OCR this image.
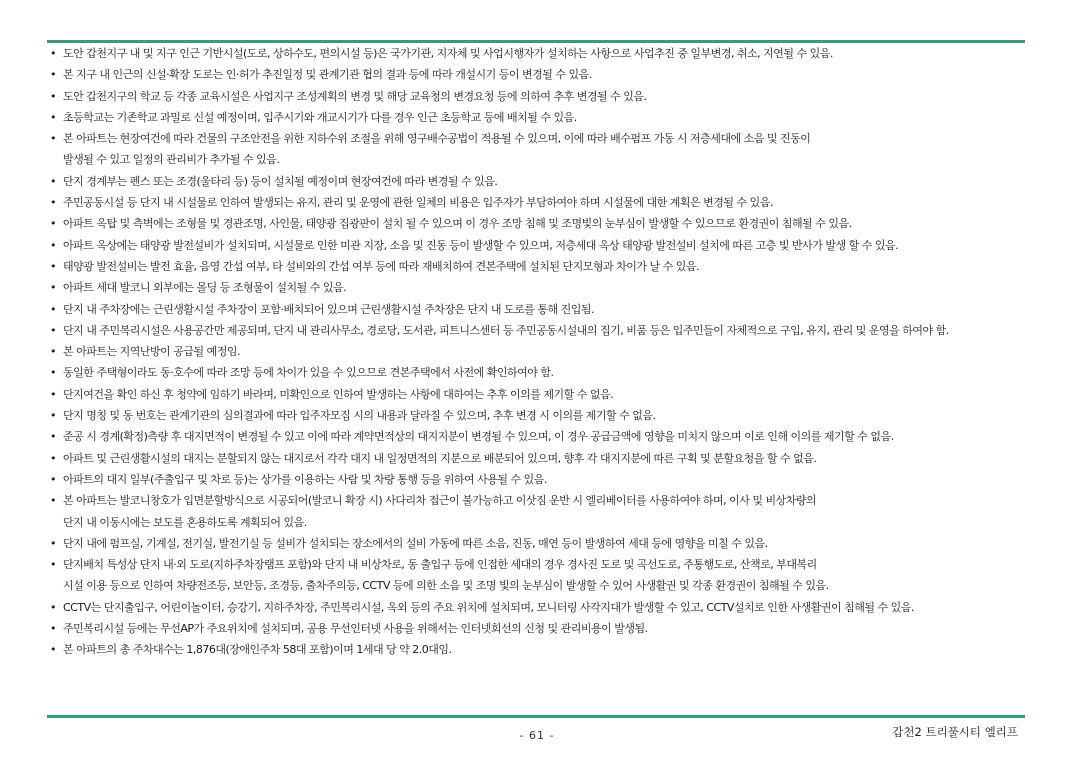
• 도안 갑천지구 내 및 지구 인근 기반시설(도로, 상하수도, 편의시설 등)은 국가기관, 지자체 및 사업시행자가 설치하는 사항으로 사업추진 중 일부변경, 취소, 지연될 수 있음.
• 본 지구 내 인근의 신설·확장 도로는 인·허가 추진일정 및 관계기관 협의 결과 등에 따라 개설시기 등이 변경될 수 있음.
• 도안 갑천지구의 학교 등 각종 교육시설은 사업지구 조성계획의 변경 및 해당 교육청의 변경요청 등에 의하여 추후 변경될 수 있음.
• 초등학교는 기존학교 과밀로 신설 예정이며, 입주시기와 개교시기가 다를 경우 인근 초등학교 등에 배치될 수 있음.
• 본 아파트는 현장여건에 따라 건물의 구조안전을 위한 지하수위 조절을 위해 영구배수공법이 적용될 수 있으며, 이에 따라 배수펌프 가동 시 저층세대에 소음 및 진동이
발생될 수 있고 일정의 관리비가 추가될 수 있음.
• 단지 경계부는 펜스 또는 조경(울타리 등) 등이 설치될 예정이며 현장여건에 따라 변경될 수 있음.
• 주민공동시설 등 단지 내 시설물로 인하여 발생되는 유지, 관리 및 운영에 관한 일체의 비용은 입주자가 부담하여야 하며 시설물에 대한 계획은 변경될 수 있음.
• 아파트 옥탑 및 측벽에는 조형물 및 경관조명, 사인물, 태양광 집광판이 설치 될 수 있으며 이 경우 조망 침해 및 조명빛의 눈부심이 발생할 수 있으므로 환경권이 침해될 수 있음.
• 아파트 옥상에는 태양광 발전설비가 설치되며, 시설물로 인한 미관 지장, 소음 및 진동 등이 발생할 수 있으며, 저층세대 옥상 태양광 발전설비 설치에 따른 고층 빛 반사가 발생 할 수 있음.
• 태양광 발전설비는 발전 효율, 음영 간섭 여부, 타 설비와의 간섭 여부 등에 따라 재배치하여 견본주택에 설치된 단지모형과 차이가 날 수 있음.
• 아파트 세대 발코니 외부에는 몰딩 등 조형물이 설치될 수 있음.
• 단지 내 주차장에는 근린생활시설 주차장이 포함·배치되어 있으며 근린생활시설 주차장은 단지 내 도로를 통해 진입됨.
• 단지 내 주민복리시설은 사용공간만 제공되며, 단지 내 관리사무소, 경로당, 도서관, 피트니스센터 등 주민공동시설내의 집기, 비품 등은 입주민들이 자체적으로 구입, 유지, 관리 및 운영을 하여야 함.
• 본 아파트는 지역난방이 공급될 예정임.
• 동일한 주택형이라도 동·호수에 따라 조망 등에 차이가 있을 수 있으므로 견본주택에서 사전에 확인하여야 함.
• 단지여건을 확인 하신 후 청약에 임하기 바라며, 미확인으로 인하여 발생하는 사항에 대하여는 추후 이의를 제기할 수 없음.
• 단지 명칭 및 동 번호는 관계기관의 심의결과에 따라 입주자모집 시의 내용과 달라질 수 있으며, 추후 변경 시 이의를 제기할 수 없음.
• 준공 시 경계(확정)측량 후 대지면적이 변경될 수 있고 이에 따라 계약면적상의 대지지분이 변경될 수 있으며, 이 경우 공급금액에 영향을 미치지 않으며 이로 인해 이의를 제기할 수 없음.
• 아파트 및 근린생활시설의 대지는 분할되지 않는 대지로서 각각 대지 내 일정면적의 지분으로 배분되어 있으며, 향후 각 대지지분에 따른 구획 및 분할요청을 할 수 없음.
• 아파트의 대지 일부(주출입구 및 차로 등)는 상가를 이용하는 사람 및 차량 통행 등을 위하여 사용될 수 있음.
• 본 아파트는 발코니창호가 입면분할방식으로 시공되어(발코니 확장 시) 사다리차 접근이 불가능하고 이삿짐 운반 시 엘리베이터를 사용하여야 하며, 이사 및 비상차량의
단지 내 이동시에는 보도를 혼용하도록 계획되어 있음.
• 단지 내에 펌프실, 기계실, 전기실, 발전기실 등 설비가 설치되는 장소에서의 설비 가동에 따른 소음, 진동, 매연 등이 발생하여 세대 등에 영향을 미칠 수 있음.
• 단지배치 특성상 단지 내·외 도로(지하주차장램프 포함)와 단지 내 비상차로, 동 출입구 등에 인접한 세대의 경우 경사진 도로 및 곡선도로, 주통행도로, 산책로, 부대복리
시설 이용 등으로 인하여 차량전조등, 보안등, 조경등, 출차주의등, CCTV 등에 의한 소음 및 조명 빛의 눈부심이 발생할 수 있어 사생활권 및 각종 환경권이 침해될 수 있음.
• CCTV는 단지출입구, 어린이놀이터, 승강기, 지하주차장, 주민복리시설, 옥외 등의 주요 위치에 설치되며, 모니터링 사각지대가 발생할 수 있고, CCTV설치로 인한 사생활권이 침해될 수 있음.
• 주민복리시설 등에는 무선AP가 주요위치에 설치되며, 공용 무선인터넷 사용을 위해서는 인터넷회선의 신청 및 관리비용이 발생됨.
• 본 아파트의 총 주차대수는 1,876대(장애인주차 58대 포함)이며 1세대 당 약 2.0대임.
- 61 -	갑천2 트리풀시티 엘리프
